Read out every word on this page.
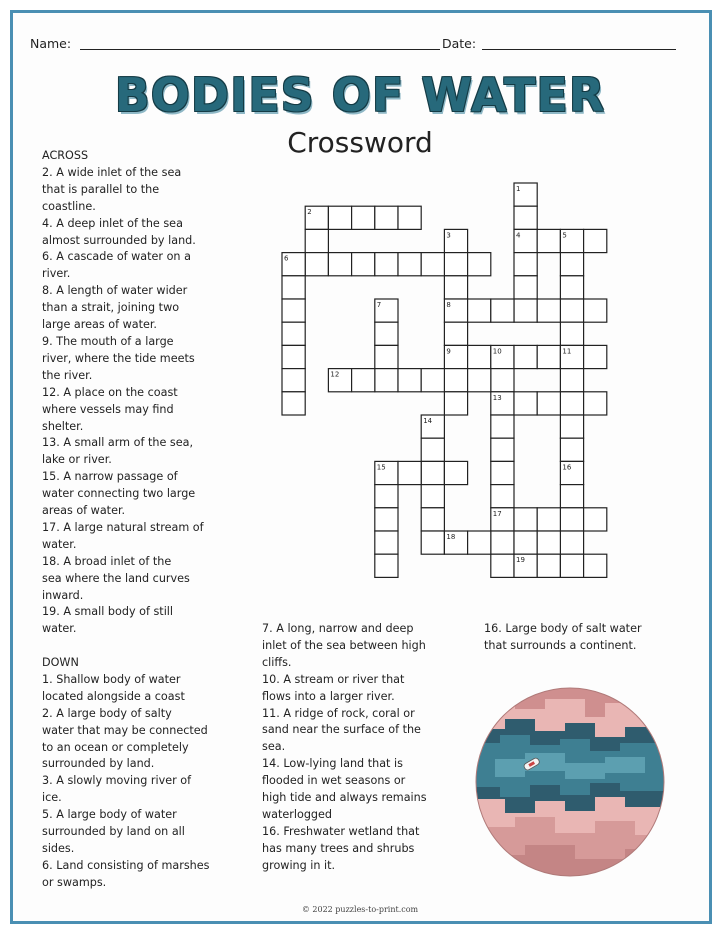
Name:	Date:
BODIES OF WATER
Crossword
ACROSS
2. A wide inlet of the sea
that is parallel to the
coastline.
4. A deep inlet of the sea
almost surrounded by land.
6. A cascade of water on a
river.
8. A length of water wider
than a strait, joining two
large areas of water.
9. The mouth of a large
river, where the tide meets
the river.
12. A place on the coast
where vessels may find
shelter.
13. A small arm of the sea,
lake or river.
15. A narrow passage of
water connecting two large
areas of water.
17. A large natural stream of
water.
18. A broad inlet of the
sea where the land curves
inward.
19. A small body of still
water.
DOWN
1. Shallow body of water
located alongside a coast
2. A large body of salty
water that may be connected
to an ocean or completely
surrounded by land.
3. A slowly moving river of
ice.
5. A large body of water
surrounded by land on all
sides.
6. Land consisting of marshes
or swamps.
7. A long, narrow and deep
inlet of the sea between high
cliffs.
10. A stream or river that
flows into a larger river.
11. A ridge of rock, coral or
sand near the surface of the
sea.
14. Low-lying land that is
flooded in wet seasons or
high tide and always remains
waterlogged
16. Freshwater wetland that
has many trees and shrubs
growing in it.
16. Large body of salt water
that surrounds a continent.
1
2
3	4	5
6
7	8
9	10	11
12
13
14
15	16
17
18
19
© 2022 puzzles-to-print.com
